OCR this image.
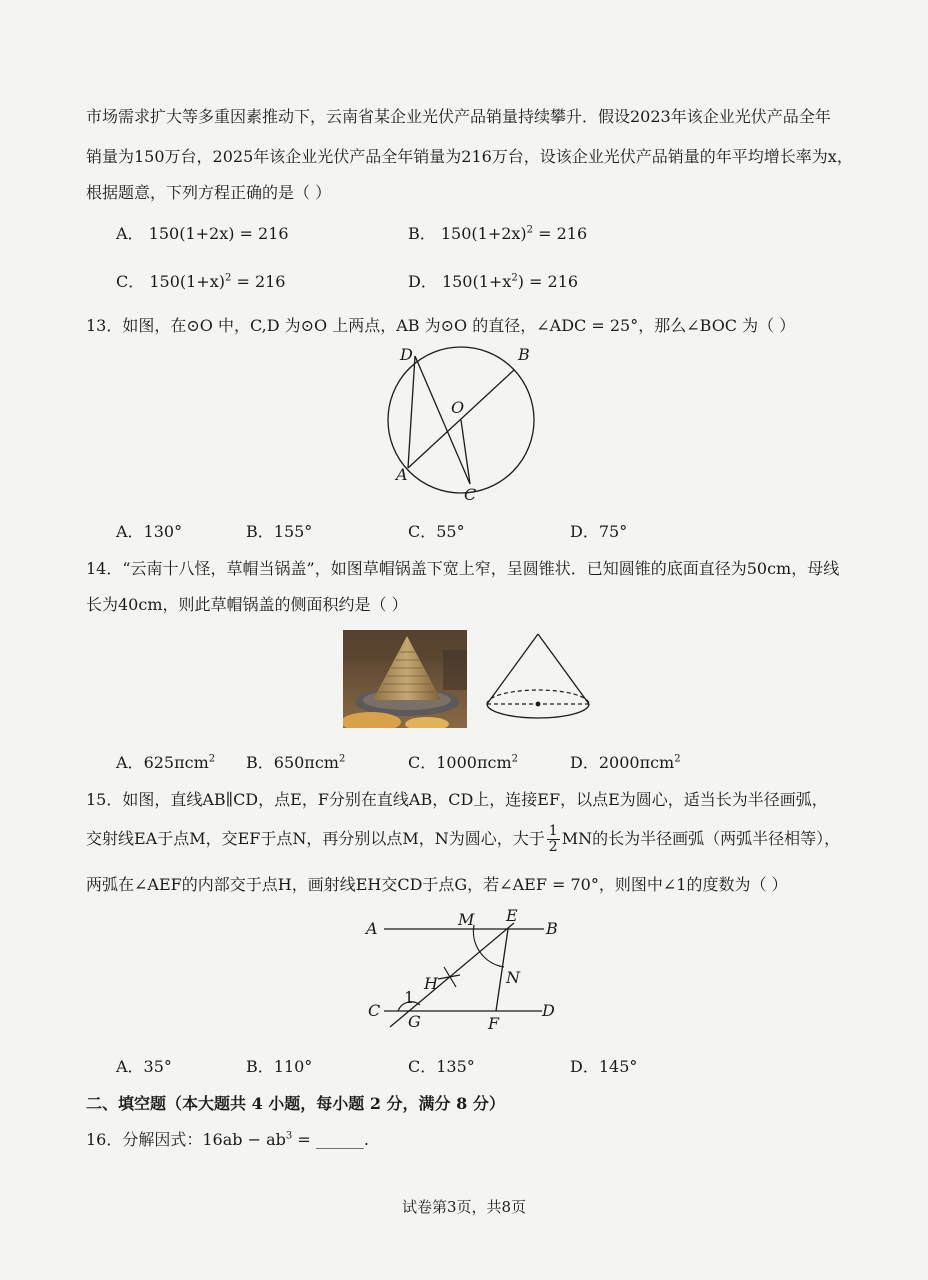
市场需求扩大等多重因素推动下，云南省某企业光伏产品销量持续攀升．假设2023年该企业光伏产品全年
销量为150万台，2025年该企业光伏产品全年销量为216万台，设该企业光伏产品销量的年平均增长率为x，
根据题意，下列方程正确的是（ ）
A． 150(1+2x) = 216	B． $150(1+2x)^2 = 216$
C． $150(1+x)^2 = 216$	D． $150(1+x^2) = 216$
13．如图，在⊙O 中，C,D 为⊙O 上两点，AB 为⊙O 的直径，∠ADC = 25°，那么∠BOC 为（ ）
D	B
O
A
C
A．130°	B．155°	C．55°	D．75°
14．“云南十八怪，草帽当锅盖”，如图草帽锅盖下宽上窄，呈圆锥状．已知圆锥的底面直径为50cm，母线
长为40cm，则此草帽锅盖的侧面积约是（ ）
A．625πcm$^2$ B．650πcm$^2$	C．1000πcm$^2$	D．2000πcm$^2$
15．如图，直线AB∥CD，点E，F分别在直线AB，CD上，连接EF，以点E为圆心，适当长为半径画弧，
交射线EA于点M，交EF于点N，再分别以点M，N为圆心，大于 $\frac{1}{2}$ MN的长为半径画弧（两弧半径相等），
两弧在∠AEF的内部交于点H，画射线EH交CD于点G，若∠AEF = 70°，则图中∠1的度数为（ ）
A	M E
B
H	N
1
C
G	F
D
A．35°	B．110°	C．135°	D．145°
二、填空题（本大题共 4 小题，每小题 2 分，满分 8 分）
16．分解因式：$16ab - ab^3$ = ______.
试卷第3页，共8页
